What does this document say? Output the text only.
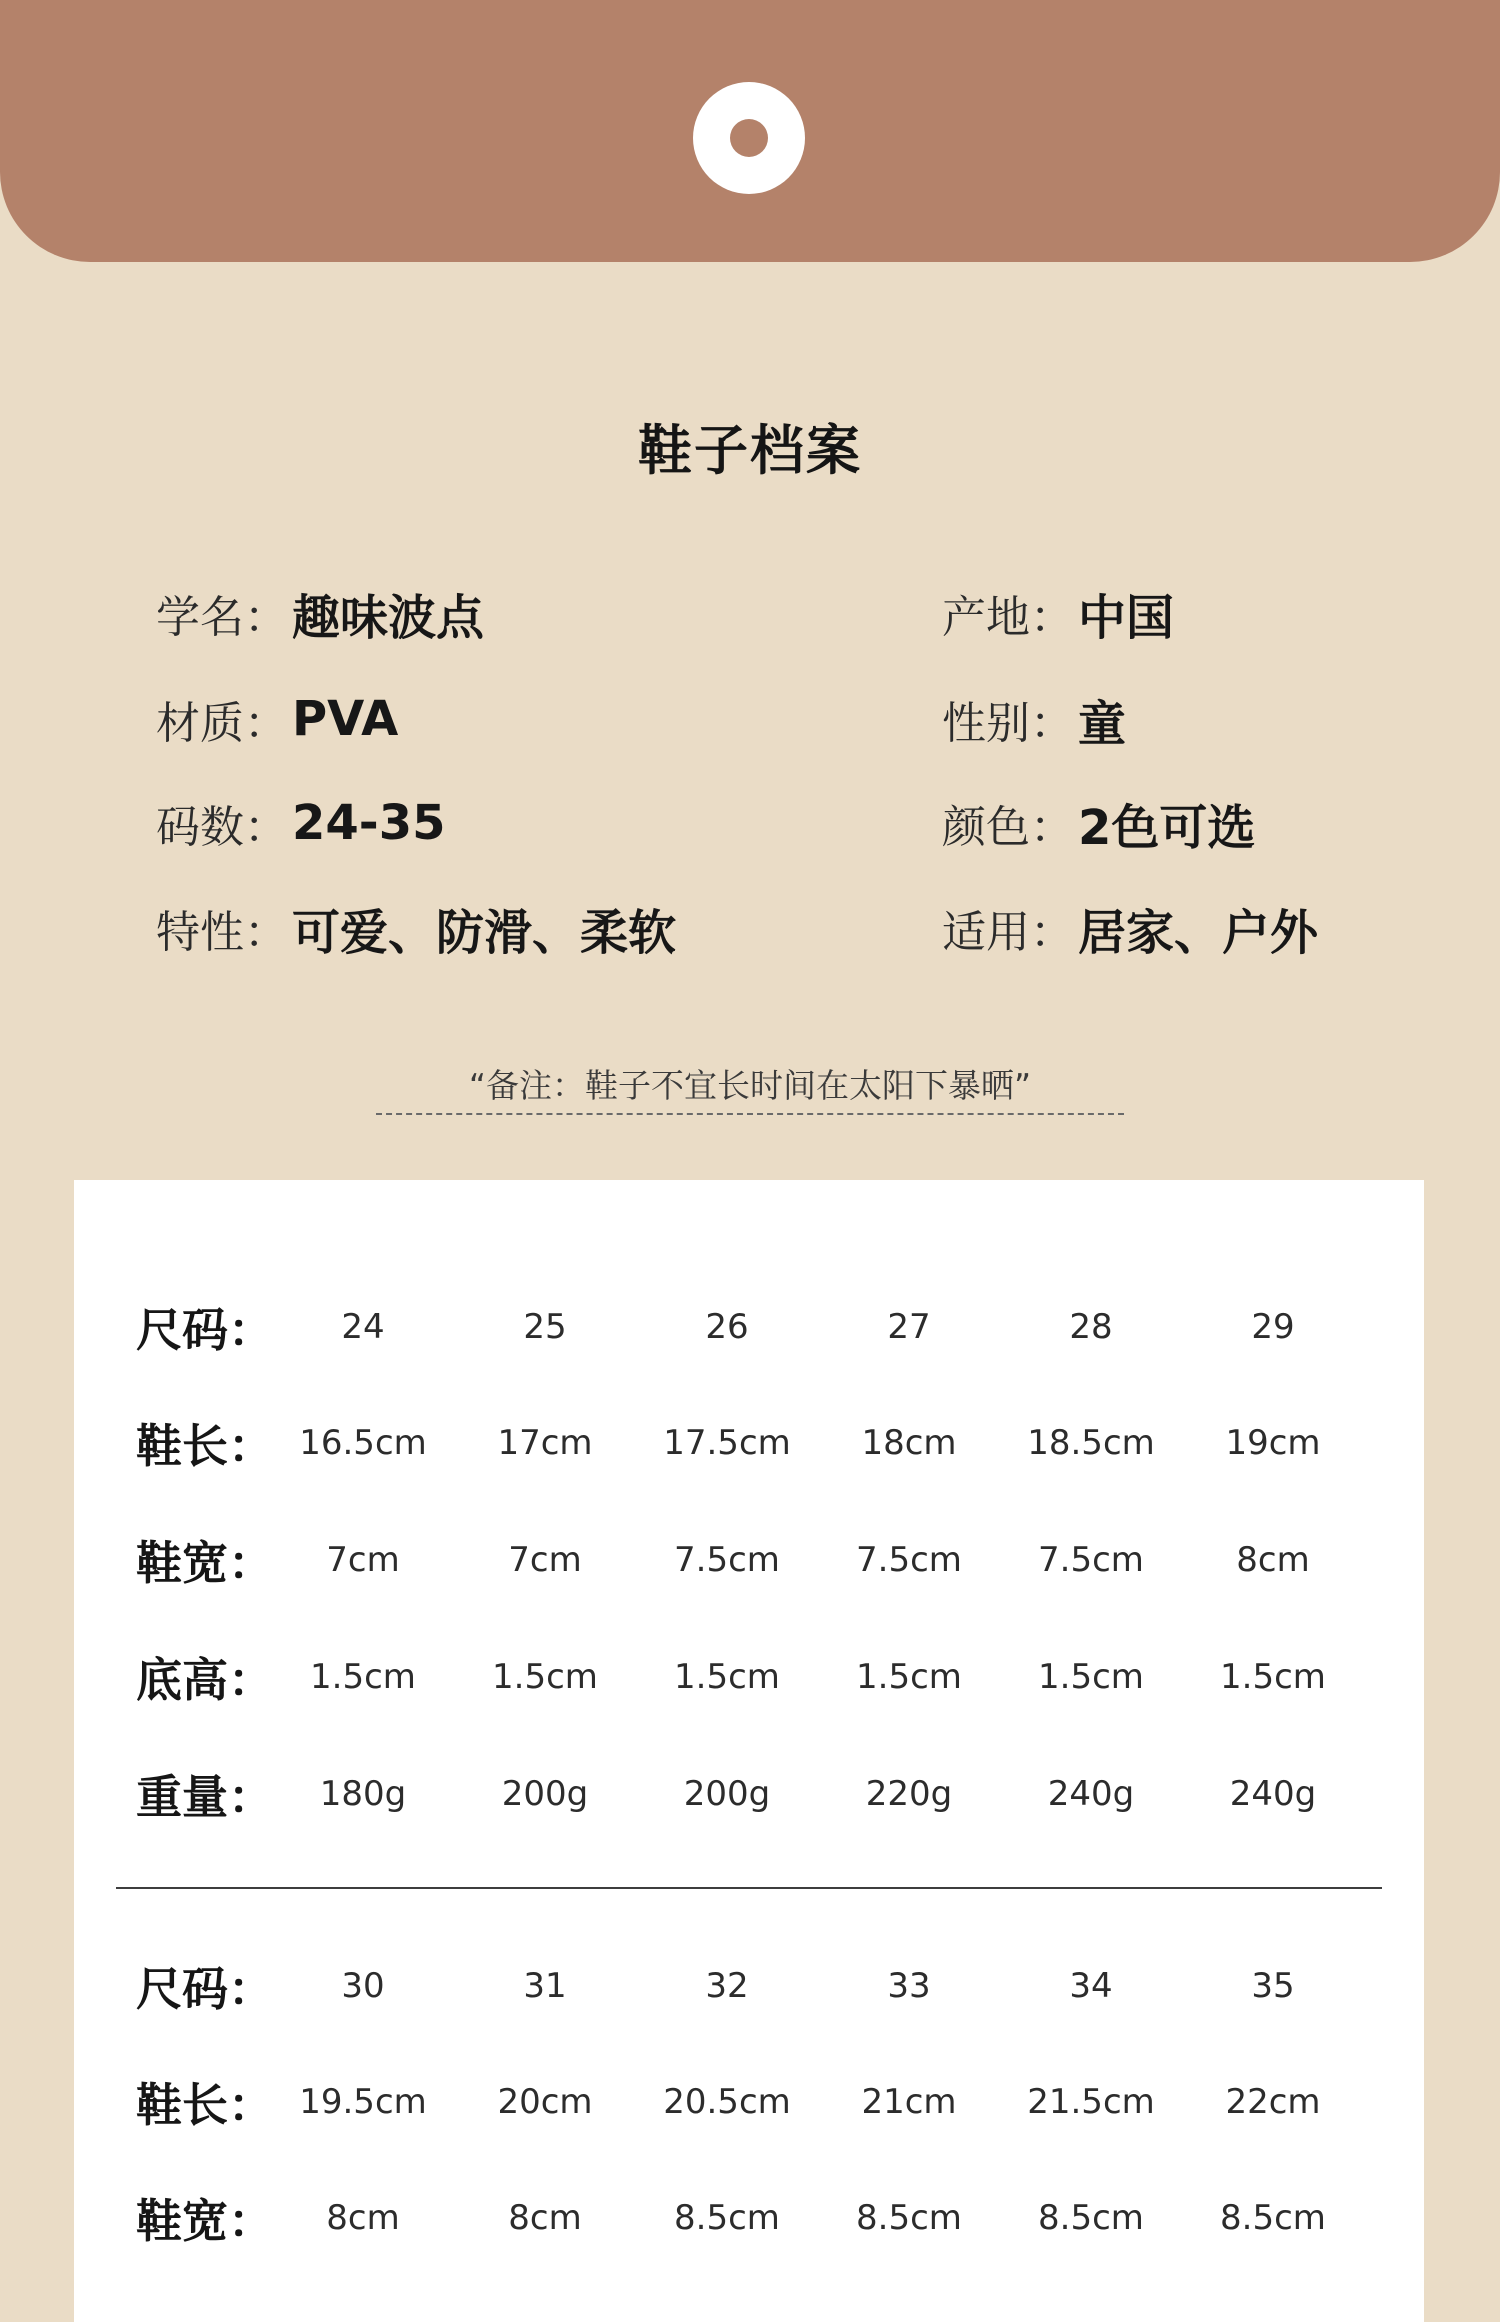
鞋子档案
学名： 趣味波点
材质： PVA
码数： 24-35
特性： 可爱、防滑、柔软
产地： 中国
性别： 童
颜色： 2色可选
适用： 居家、户外
“备注：鞋子不宜长时间在太阳下暴晒”
尺码：	24	25	26	27	28	29
鞋长： 16.5cm	17cm	17.5cm	18cm	18.5cm	19cm
鞋宽：	7cm	7cm	7.5cm	7.5cm	7.5cm	8cm
底高：	1.5cm	1.5cm	1.5cm	1.5cm	1.5cm	1.5cm
重量：	180g	200g	200g	220g	240g	240g
尺码：	30	31	32	33	34	35
鞋长： 19.5cm	20cm	20.5cm	21cm	21.5cm	22cm
鞋宽：	8cm	8cm	8.5cm	8.5cm	8.5cm	8.5cm
